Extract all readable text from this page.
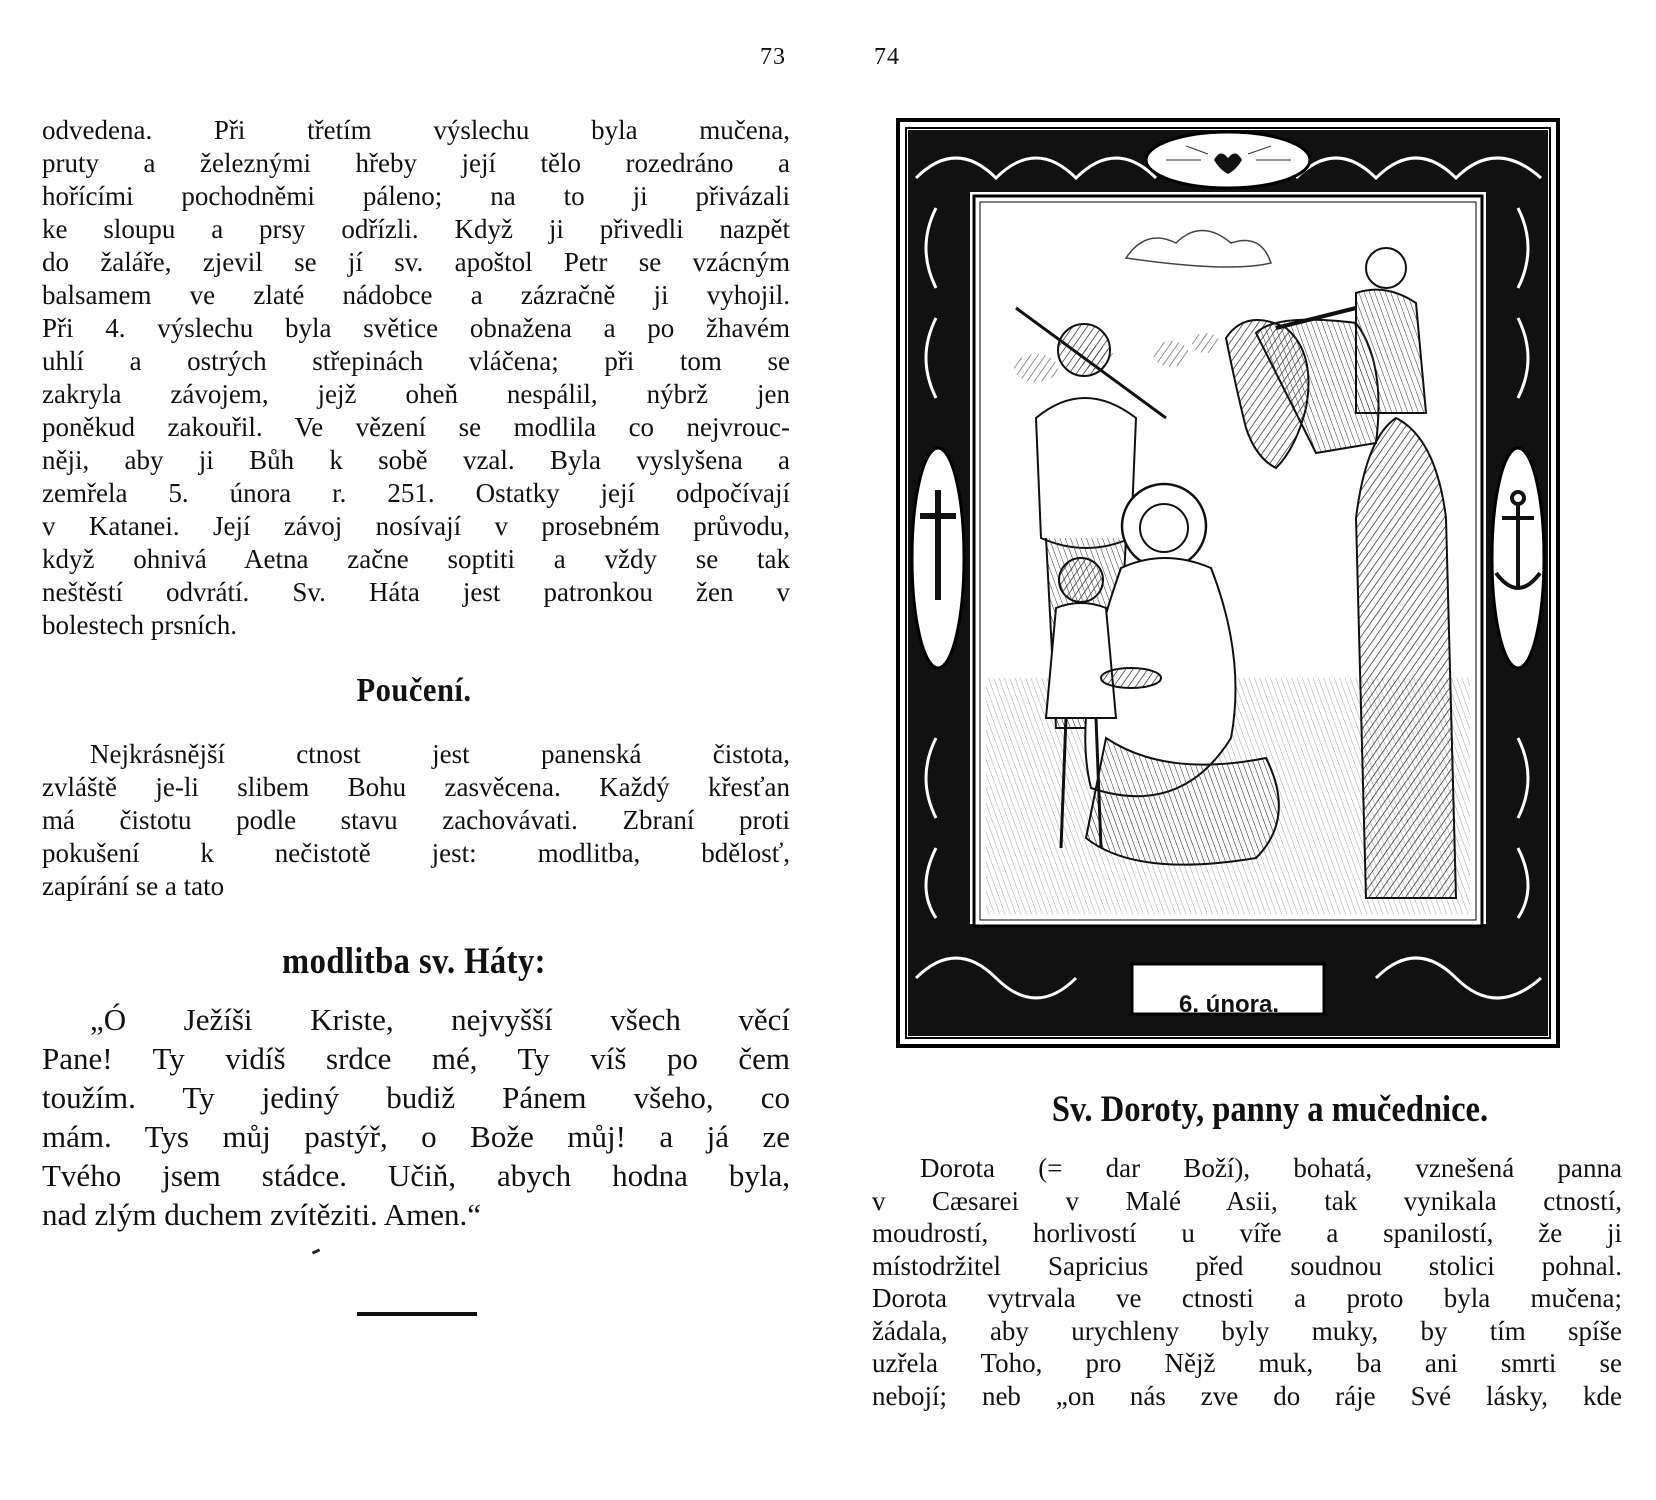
73
odvedena. Při třetím výslechu byla mučena,
pruty a železnými hřeby její tělo rozedráno a
hořícími pochodněmi páleno; na to ji přivázali
ke sloupu a prsy odřízli. Když ji přivedli nazpět
do žaláře, zjevil se jí sv. apoštol Petr se vzácným
balsamem ve zlaté nádobce a zázračně ji vyhojil.
Při 4. výslechu byla světice obnažena a po žhavém
uhlí a ostrých střepinách vláčena; při tom se
zakryla závojem, jejž oheň nespálil, nýbrž jen
poněkud zakouřil. Ve vězení se modlila co nejvrouc-
něji, aby ji Bůh k sobě vzal. Byla vyslyšena a
zemřela 5. února r. 251. Ostatky její odpočívají
v Katanei. Její závoj nosívají v prosebném průvodu,
když ohnivá Aetna začne soptiti a vždy se tak
neštěstí odvrátí. Sv. Háta jest patronkou žen v
bolestech prsních.
Poučení.
Nejkrásnější ctnost jest panenská čistota,
zvláště je-li slibem Bohu zasvěcena. Každý křesťan
má čistotu podle stavu zachovávati. Zbraní proti
pokušení k nečistotě jest: modlitba, bdělosť,
zapírání se a tato
modlitba sv. Háty:
„Ó Ježíši Kriste, nejvyšší všech věcí
Pane! Ty vidíš srdce mé, Ty víš po čem
toužím. Ty jediný budiž Pánem všeho, co
mám. Tys můj pastýř, o Bože můj! a já ze
Tvého jsem stádce. Učiň, abych hodna byla,
nad zlým duchem zvítěziti. Amen.“
74
6. února.
Sv. Doroty, panny a mučednice.
Dorota (= dar Boží), bohatá, vznešená panna
v Cæsarei v Malé Asii, tak vynikala ctností,
moudrostí, horlivostí u víře a spanilostí, že ji
místodržitel Sapricius před soudnou stolici pohnal.
Dorota vytrvala ve ctnosti a proto byla mučena;
žádala, aby urychleny byly muky, by tím spíše
uzřela Toho, pro Nějž muk, ba ani smrti se
nebojí; neb „on nás zve do ráje Své lásky, kde
